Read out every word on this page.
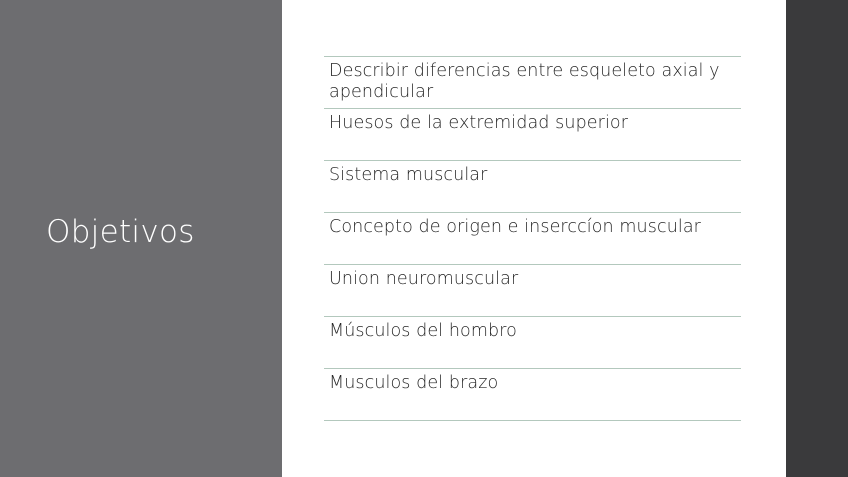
Objetivos
Describir diferencias entre esqueleto axial y apendicular
Huesos de la extremidad superior
Sistema muscular
Concepto de origen e inserccíon muscular
Union neuromuscular
Músculos del hombro
Musculos del brazo
